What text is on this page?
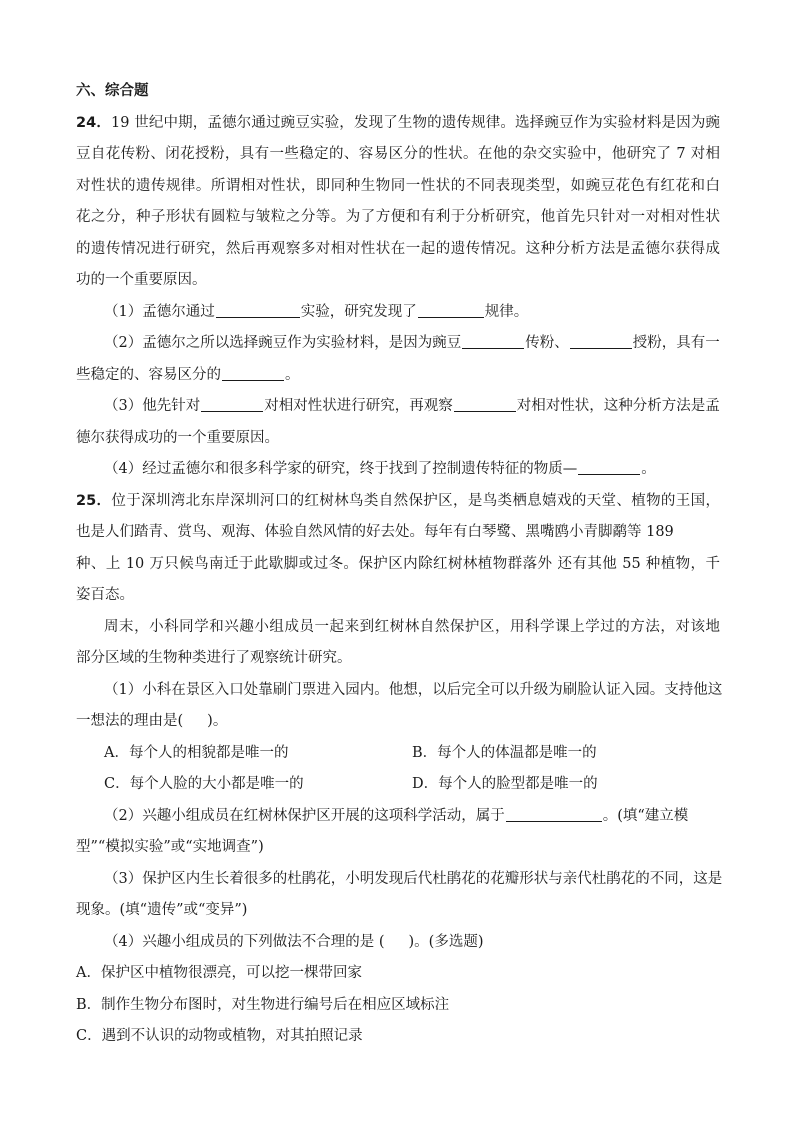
六、综合题
24．19 世纪中期，孟德尔通过豌豆实验，发现了生物的遗传规律。选择豌豆作为实验材料是因为豌
豆自花传粉、闭花授粉，具有一些稳定的、容易区分的性状。在他的杂交实验中，他研究了 7 对相
对性状的遗传规律。所谓相对性状，即同种生物同一性状的不同表现类型，如豌豆花色有红花和白
花之分，种子形状有圆粒与皱粒之分等。为了方便和有利于分析研究，他首先只针对一对相对性状
的遗传情况进行研究，然后再观察多对相对性状在一起的遗传情况。这种分析方法是孟德尔获得成
功的一个重要原因。
（1）孟德尔通过	实验，研究发现了	规律。
（2）孟德尔之所以选择豌豆作为实验材料，是因为豌豆	传粉、	授粉，具有一
些稳定的、容易区分的	。
（3）他先针对	对相对性状进行研究，再观察	对相对性状，这种分析方法是孟
德尔获得成功的一个重要原因。
（4）经过孟德尔和很多科学家的研究，终于找到了控制遗传特征的物质—	。
25．位于深圳湾北东岸深圳河口的红树林鸟类自然保护区，是鸟类栖息嬉戏的天堂、植物的王国，
也是人们踏青、赏鸟、观海、体验自然风情的好去处。每年有白琴鹭、黑嘴鸥小青脚鹬等 189
种、上 10 万只候鸟南迁于此歇脚或过冬。保护区内除红树林植物群落外 还有其他 55 种植物，千
姿百态。
周末，小科同学和兴趣小组成员一起来到红树林自然保护区，用科学课上学过的方法，对该地
部分区域的生物种类进行了观察统计研究。
（1）小科在景区入口处靠刷门票进入园内。他想，以后完全可以升级为刷脸认证入园。支持他这
一想法的理由是( )。
A．每个人的相貌都是唯一的	B．每个人的体温都是唯一的
C．每个人脸的大小都是唯一的	D．每个人的脸型都是唯一的
（2）兴趣小组成员在红树林保护区开展的这项科学活动，属于	。(填“建立模
型”“模拟实验”或“实地调查”)
（3）保护区内生长着很多的杜鹃花，小明发现后代杜鹃花的花瓣形状与亲代杜鹃花的不同，这是
现象。(填“遗传”或“变异”)
（4）兴趣小组成员的下列做法不合理的是 ( )。(多选题)
A．保护区中植物很漂亮，可以挖一棵带回家
B．制作生物分布图时，对生物进行编号后在相应区域标注
C．遇到不认识的动物或植物，对其拍照记录
